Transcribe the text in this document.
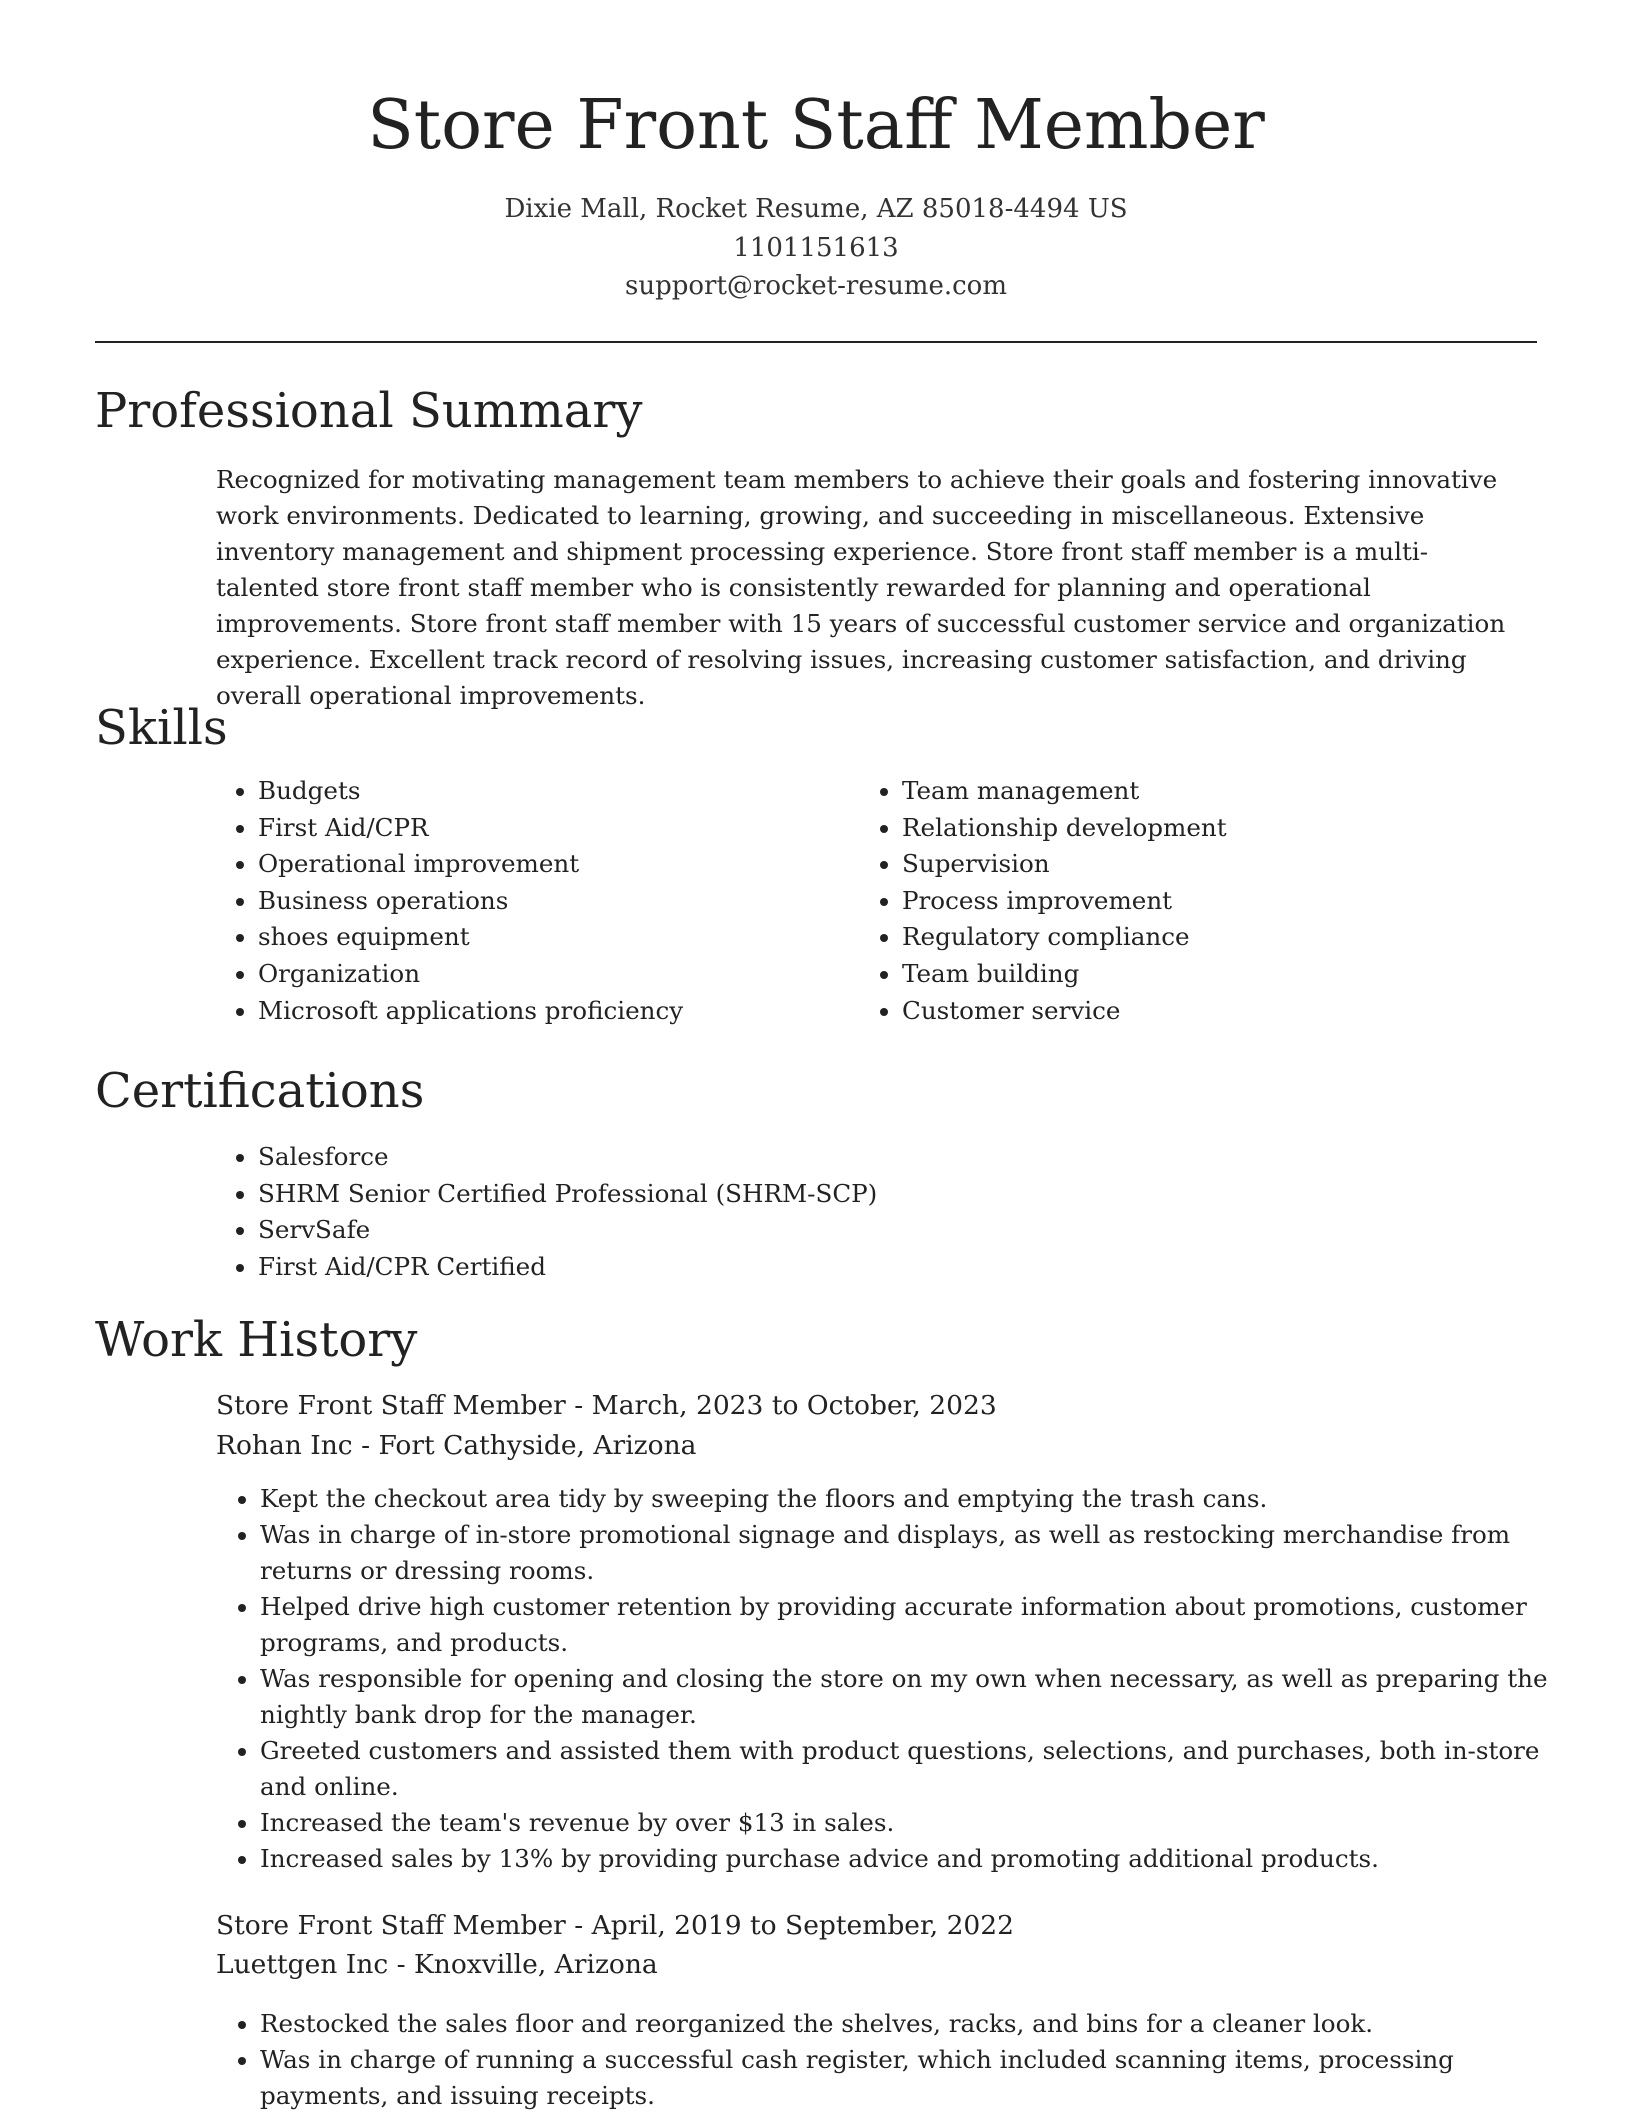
Store Front Staff Member
Dixie Mall, Rocket Resume, AZ 85018-4494 US
1101151613
support@rocket-resume.com
Professional Summary
Recognized for motivating management team members to achieve their goals and fostering innovative work environments. Dedicated to learning, growing, and succeeding in miscellaneous. Extensive inventory management and shipment processing experience. Store front staff member is a multi-talented store front staff member who is consistently rewarded for planning and operational improvements. Store front staff member with 15 years of successful customer service and organization experience. Excellent track record of resolving issues, increasing customer satisfaction, and driving overall operational improvements.
Skills
• Budgets
• First Aid/CPR
• Operational improvement
• Business operations
• shoes equipment
• Organization
• Microsoft applications proficiency
• Team management
• Relationship development
• Supervision
• Process improvement
• Regulatory compliance
• Team building
• Customer service
Certifications
• Salesforce
• SHRM Senior Certified Professional (SHRM-SCP)
• ServSafe
• First Aid/CPR Certified
Work History
Store Front Staff Member - March, 2023 to October, 2023
Rohan Inc - Fort Cathyside, Arizona
• Kept the checkout area tidy by sweeping the floors and emptying the trash cans.
• Was in charge of in-store promotional signage and displays, as well as restocking merchandise from returns or dressing rooms.
• Helped drive high customer retention by providing accurate information about promotions, customer programs, and products.
• Was responsible for opening and closing the store on my own when necessary, as well as preparing the nightly bank drop for the manager.
• Greeted customers and assisted them with product questions, selections, and purchases, both in-store and online.
• Increased the team's revenue by over $13 in sales.
• Increased sales by 13% by providing purchase advice and promoting additional products.
Store Front Staff Member - April, 2019 to September, 2022
Luettgen Inc - Knoxville, Arizona
• Restocked the sales floor and reorganized the shelves, racks, and bins for a cleaner look.
• Was in charge of running a successful cash register, which included scanning items, processing payments, and issuing receipts.
